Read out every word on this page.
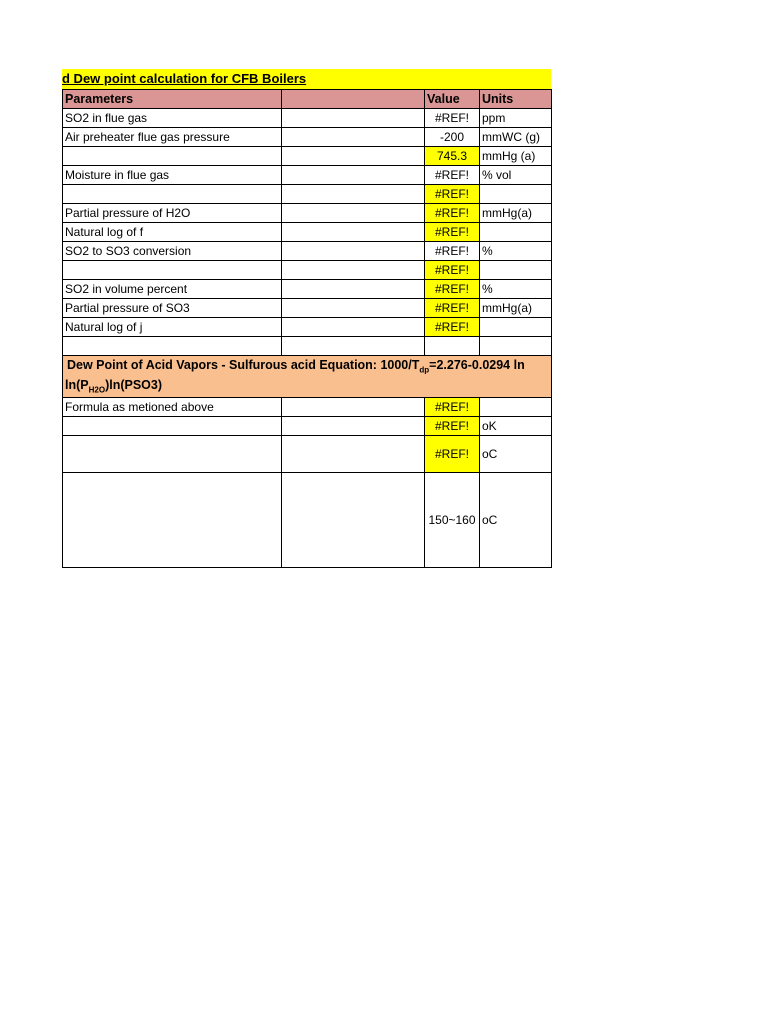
d Dew point calculation for CFB Boilers
Parameters		Value	Units
SO2 in flue gas		#REF!	ppm
Air preheater flue gas pressure		-200	mmWC (g)
		745.3	mmHg (a)
Moisture in flue gas		#REF!	% vol
		#REF!	
Partial pressure of H2O		#REF!	mmHg(a)
Natural log of f		#REF!	
SO2 to SO3 conversion		#REF!	%
		#REF!	
SO2 in volume percent		#REF!	%
Partial pressure of SO3		#REF!	mmHg(a)
Natural log of j		#REF!	

Dew Point of Acid Vapors - Sulfurous acid Equation: $1000/T_{dp}=2.276-0.0294$ ln
$\ln(P_{H2O})\ln(PSO3)$			

Formula as metioned above		#REF!	
		#REF!	oK
		#REF!	oC
		150~160	oC
